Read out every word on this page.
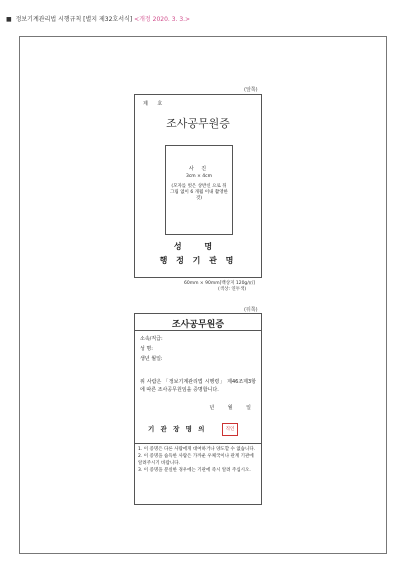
■ 정보기계관리법 시행규칙 [별지 제32호서식] <개정 2020. 3. 3.>
(앞쪽)
제 호
조사공무원증
사 진
3cm × 4cm
(모자를 벗은 상반신 으로 뒤 그림 없이 6 개월 이내 촬영한 것)
성 명
행 정 기 관 명
60mm × 90mm[백상지 120g/㎡]
(색상: 연두색)
(뒤쪽)
조사공무원증
소속/직급:
성 명:
생년 월일:
위 사람은 「정보기계관리법 시행령」 제46조제3항에 따른 조사공무원임을 증명합니다.
년 월 일
기 관 장 명 의	직인
1. 이 증명은 다른 사람에게 대여하거나 양도할 수 없습니다.
2. 이 증명을 습득한 사람은 가까운 우체국이나 관계 기관에 알려주시기 바랍니다.
3. 이 증명을 분실한 경우에는 기관에 즉시 알려 주십시오.
